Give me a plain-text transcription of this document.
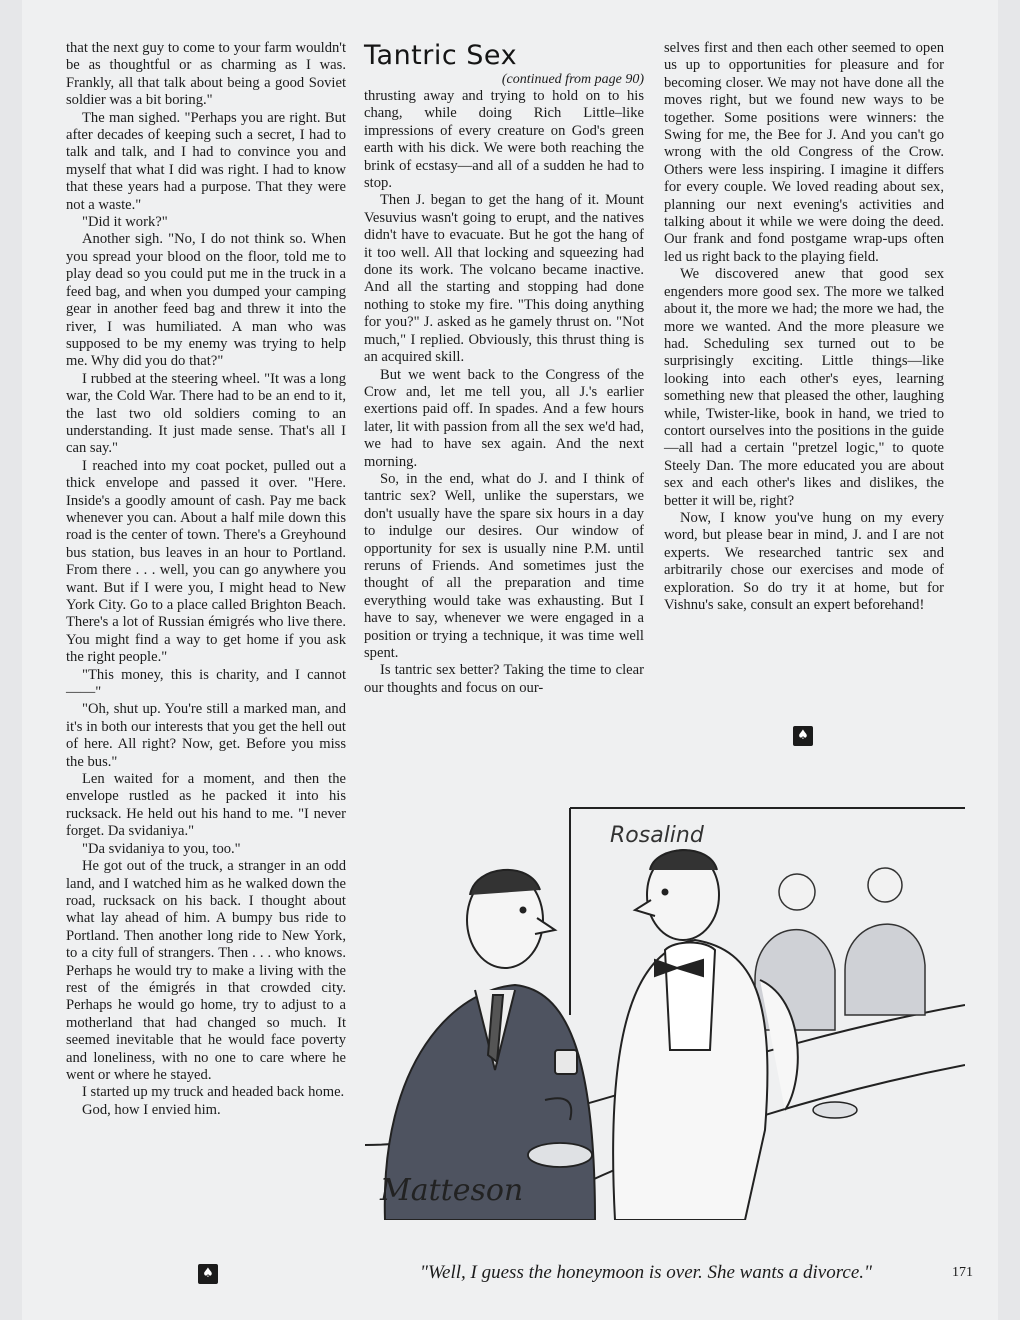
that the next guy to come to your farm wouldn't be as thoughtful or as charming as I was. Frankly, all that talk about being a good Soviet soldier was a bit boring."

The man sighed. "Perhaps you are right. But after decades of keeping such a secret, I had to talk and talk, and I had to convince you and myself that what I did was right. I had to know that these years had a purpose. That they were not a waste."

"Did it work?"

Another sigh. "No, I do not think so. When you spread your blood on the floor, told me to play dead so you could put me in the truck in a feed bag, and when you dumped your camping gear in another feed bag and threw it into the river, I was humiliated. A man who was supposed to be my enemy was trying to help me. Why did you do that?"

I rubbed at the steering wheel. "It was a long war, the Cold War. There had to be an end to it, the last two old soldiers coming to an understanding. It just made sense. That's all I can say."

I reached into my coat pocket, pulled out a thick envelope and passed it over. "Here. Inside's a goodly amount of cash. Pay me back whenever you can. About a half mile down this road is the center of town. There's a Greyhound bus station, bus leaves in an hour to Portland. From there . . . well, you can go anywhere you want. But if I were you, I might head to New York City. Go to a place called Brighton Beach. There's a lot of Russian émigrés who live there. You might find a way to get home if you ask the right people."

"This money, this is charity, and I cannot——"

"Oh, shut up. You're still a marked man, and it's in both our interests that you get the hell out of here. All right? Now, get. Before you miss the bus."

Len waited for a moment, and then the envelope rustled as he packed it into his rucksack. He held out his hand to me. "I never forget. Da svidaniya."

"Da svidaniya to you, too."

He got out of the truck, a stranger in an odd land, and I watched him as he walked down the road, rucksack on his back. I thought about what lay ahead of him. A bumpy bus ride to Portland. Then another long ride to New York, to a city full of strangers. Then . . . who knows. Perhaps he would try to make a living with the rest of the émigrés in that crowded city. Perhaps he would go home, try to adjust to a motherland that had changed so much. It seemed inevitable that he would face poverty and loneliness, with no one to care where he went or where he stayed.

I started up my truck and headed back home.

God, how I envied him.

Tantric Sex

(continued from page 90)

thrusting away and trying to hold on to his chang, while doing Rich Little–like impressions of every creature on God's green earth with his dick. We were both reaching the brink of ecstasy—and all of a sudden he had to stop.

Then J. began to get the hang of it. Mount Vesuvius wasn't going to erupt, and the natives didn't have to evacuate. But he got the hang of it too well. All that locking and squeezing had done its work. The volcano became inactive. And all the starting and stopping had done nothing to stoke my fire. "This doing anything for you?" J. asked as he gamely thrust on. "Not much," I replied. Obviously, this thrust thing is an acquired skill.

But we went back to the Congress of the Crow and, let me tell you, all J.'s earlier exertions paid off. In spades. And a few hours later, lit with passion from all the sex we'd had, we had to have sex again. And the next morning.

So, in the end, what do J. and I think of tantric sex? Well, unlike the superstars, we don't usually have the spare six hours in a day to indulge our desires. Our window of opportunity for sex is usually nine P.M. until reruns of Friends. And sometimes just the thought of all the preparation and time everything would take was exhausting. But I have to say, whenever we were engaged in a position or trying a technique, it was time well spent.

Is tantric sex better? Taking the time to clear our thoughts and focus on our-

selves first and then each other seemed to open us up to opportunities for pleasure and for becoming closer. We may not have done all the moves right, but we found new ways to be together. Some positions were winners: the Swing for me, the Bee for J. And you can't go wrong with the old Congress of the Crow. Others were less inspiring. I imagine it differs for every couple. We loved reading about sex, planning our next evening's activities and talking about it while we were doing the deed. Our frank and fond postgame wrap-ups often led us right back to the playing field.

We discovered anew that good sex engenders more good sex. The more we talked about it, the more we had; the more we had, the more we wanted. And the more pleasure we had. Scheduling sex turned out to be surprisingly exciting. Little things—like looking into each other's eyes, learning something new that pleased the other, laughing while, Twister-like, book in hand, we tried to contort ourselves into the positions in the guide—all had a certain "pretzel logic," to quote Steely Dan. The more educated you are about sex and each other's likes and dislikes, the better it will be, right?

Now, I know you've hung on my every word, but please bear in mind, J. and I are not experts. We researched tantric sex and arbitrarily chose our exercises and mode of exploration. So do try it at home, but for Vishnu's sake, consult an expert beforehand!

♠
♠
Rosalind
Matteson
"Well, I guess the honeymoon is over. She wants a divorce."	171
